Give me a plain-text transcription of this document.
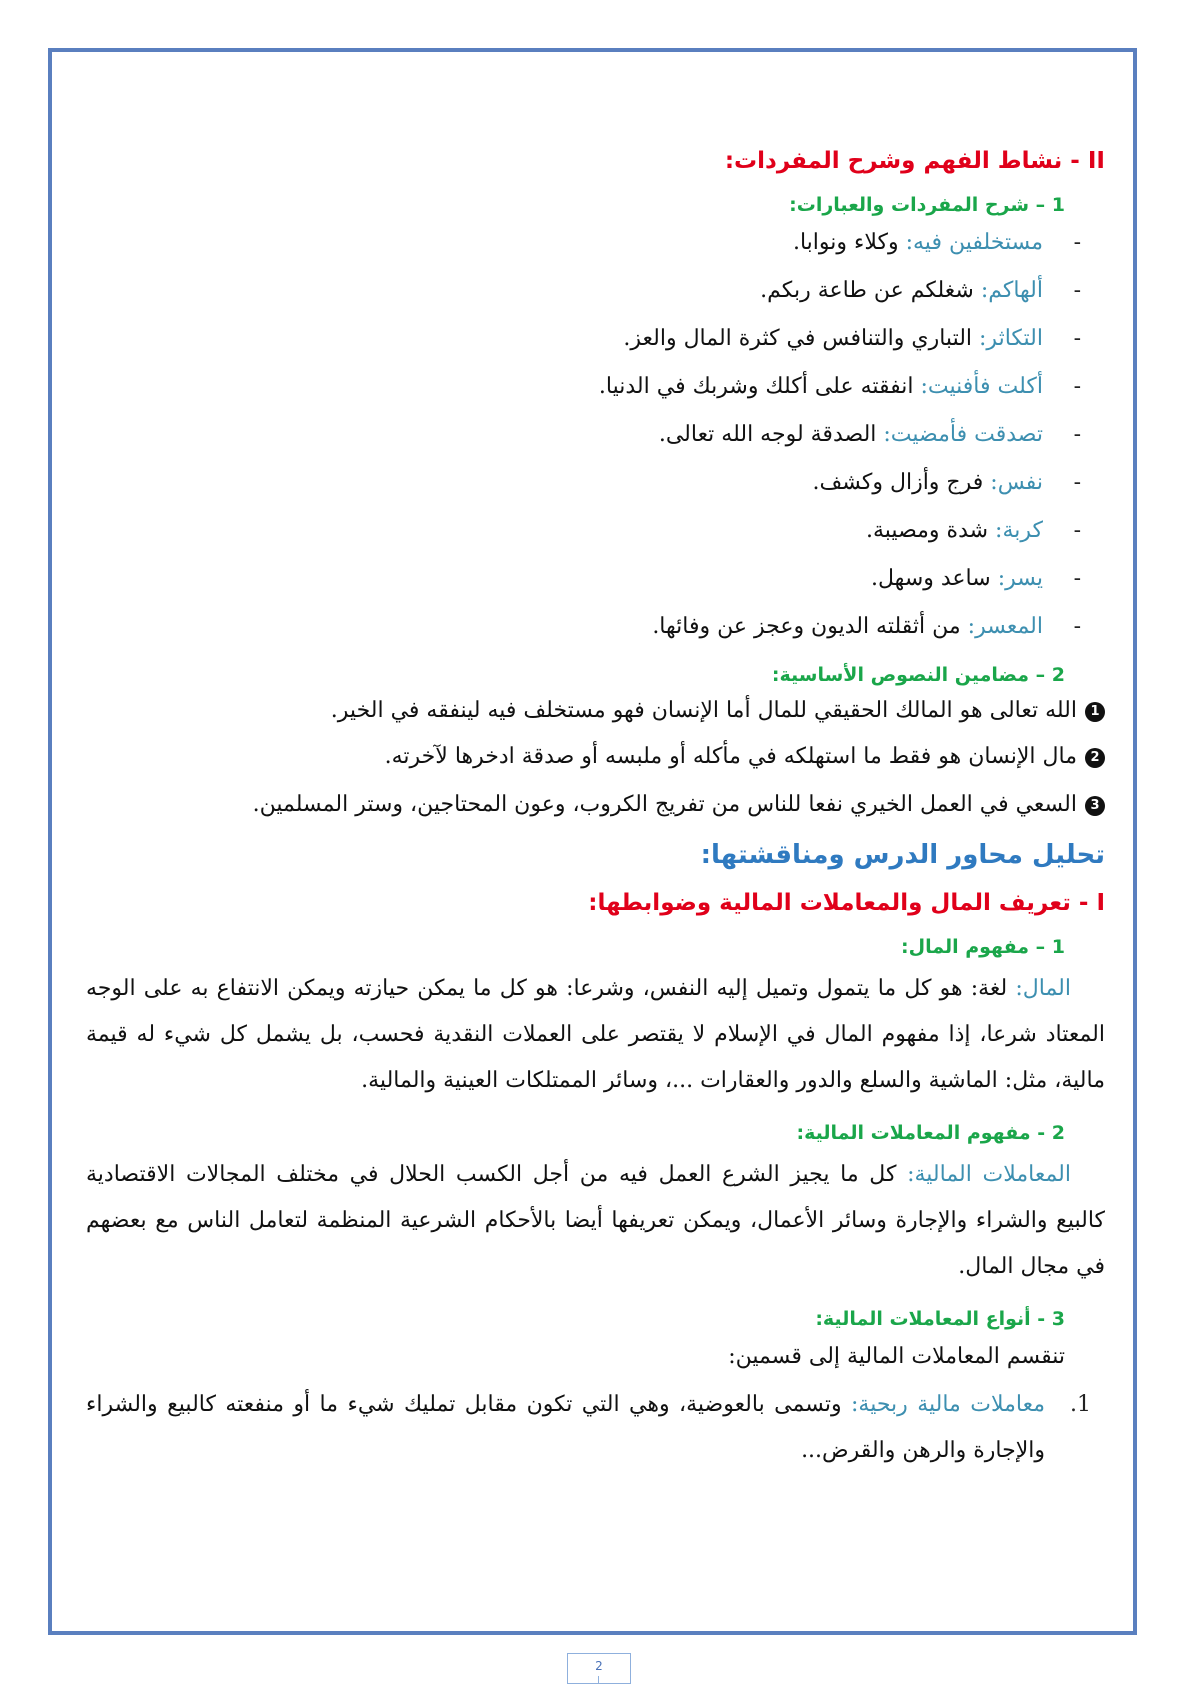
II - نشاط الفهم وشرح المفردات:
1 – شرح المفردات والعبارات:
-مستخلفين فيه: وكلاء ونوابا.
-ألهاكم: شغلكم عن طاعة ربكم.
-التكاثر: التباري والتنافس في كثرة المال والعز.
-أكلت فأفنيت: انفقته على أكلك وشربك في الدنيا.
-تصدقت فأمضيت: الصدقة لوجه الله تعالى.
-نفس: فرج وأزال وكشف.
-كربة: شدة ومصيبة.
-يسر: ساعد وسهل.
-المعسر: من أثقلته الديون وعجز عن وفائها.
2 – مضامين النصوص الأساسية:
1الله تعالى هو المالك الحقيقي للمال أما الإنسان فهو مستخلف فيه لينفقه في الخير.
2مال الإنسان هو فقط ما استهلكه في مأكله أو ملبسه أو صدقة ادخرها لآخرته.
3السعي في العمل الخيري نفعا للناس من تفريج الكروب، وعون المحتاجين، وستر المسلمين.
تحليل محاور الدرس ومناقشتها:
I - تعريف المال والمعاملات المالية وضوابطها:
1 – مفهوم المال:
المال: لغة: هو كل ما يتمول وتميل إليه النفس، وشرعا: هو كل ما يمكن حيازته ويمكن الانتفاع به على الوجه المعتاد شرعا، إذا مفهوم المال في الإسلام لا يقتصر على العملات النقدية فحسب، بل يشمل كل شيء له قيمة مالية، مثل: الماشية والسلع والدور والعقارات ...، وسائر الممتلكات العينية والمالية.
2 - مفهوم المعاملات المالية:
المعاملات المالية: كل ما يجيز الشرع العمل فيه من أجل الكسب الحلال في مختلف المجالات الاقتصادية كالبيع والشراء والإجارة وسائر الأعمال، ويمكن تعريفها أيضا بالأحكام الشرعية المنظمة لتعامل الناس مع بعضهم في مجال المال.
3 - أنواع المعاملات المالية:
تنقسم المعاملات المالية إلى قسمين:
1.
معاملات مالية ربحية: وتسمى بالعوضية، وهي التي تكون مقابل تمليك شيء ما أو منفعته كالبيع والشراء والإجارة والرهن والقرض...
2
